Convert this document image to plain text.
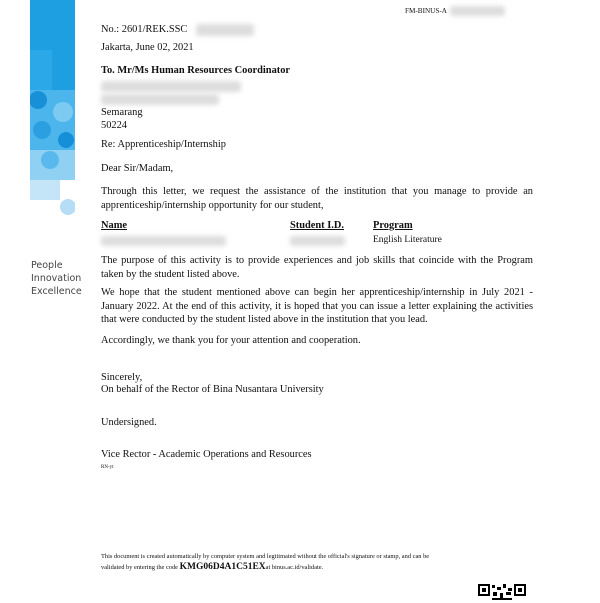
People
Innovation
Excellence
FM-BINUS-A
No.: 2601/REK.SSC
Jakarta, June 02, 2021
To. Mr/Ms Human Resources Coordinator
Semarang
50224
Re: Apprenticeship/Internship
Dear Sir/Madam,
Through this letter, we request the assistance of the institution that you manage to provide an apprenticeship/internship opportunity for our student,
Name	Student I.D.	Program
English Literature
The purpose of this activity is to provide experiences and job skills that coincide with the Program taken by the student listed above.
We hope that the student mentioned above can begin her apprenticeship/internship in July 2021 - January 2022. At the end of this activity, it is hoped that you can issue a letter explaining the activities that were conducted by the student listed above in the institution that you lead.
Accordingly, we thank you for your attention and cooperation.
Sincerely,
On behalf of the Rector of Bina Nusantara University
Undersigned.
Vice Rector - Academic Operations and Resources
RN-yt
This document is created automatically by computer system and legitimated without the official's signature or stamp, and can be
validated by entering the code KMG06D4A1C51EXat binus.ac.id/validate.
